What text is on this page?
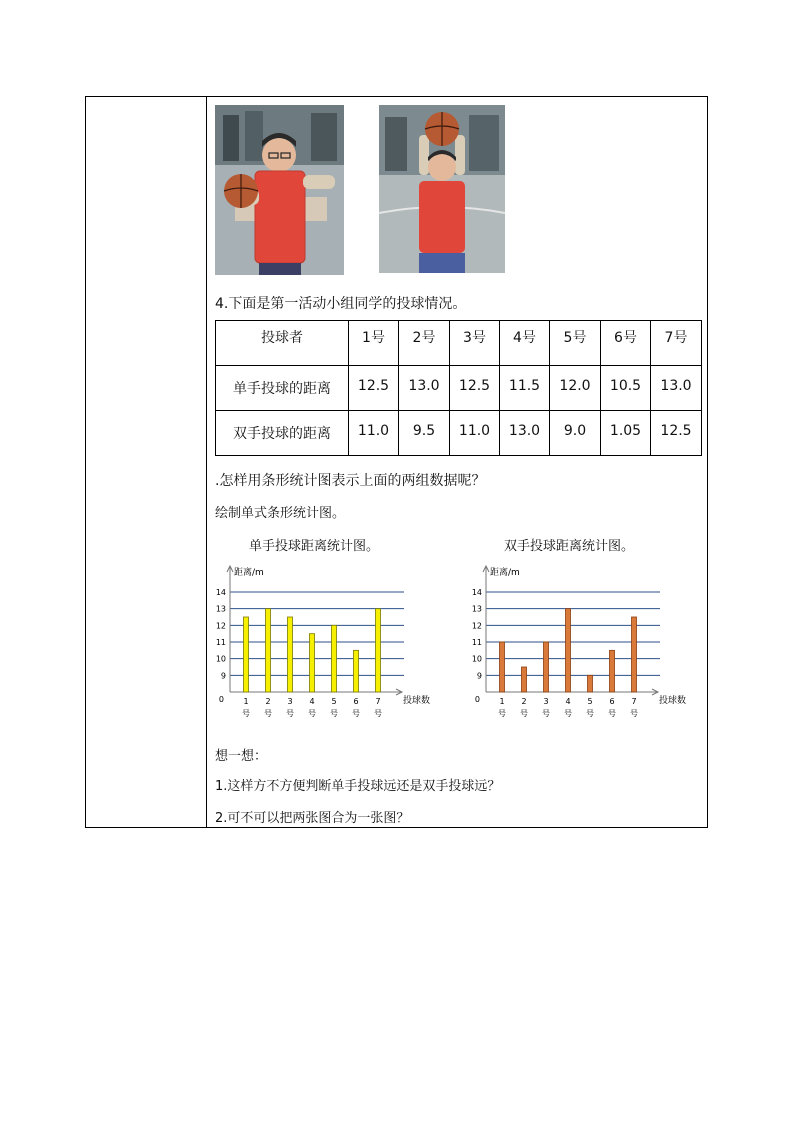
4.下面是第一活动小组同学的投球情况。
投球者	1号	2号	3号	4号	5号	6号	7号

单手投球的距离	12.5	13.0	12.5	11.5	12.0	10.5	13.0

双手投球的距离	11.0	9.5	11.0	13.0	9.0	1.05	12.5
.怎样用条形统计图表示上面的两组数据呢？
绘制单式条形统计图。
单手投球距离统计图。	双手投球距离统计图。
9
10
11
12
13
14
距离/m
投球数
0 1
号
2
号
3
号
4
号
5
号
6
号
7
号
9
10
11
12
13
14
距离/m
投球数
0 1
号
2
号
3
号
4
号
5
号
6
号
7
号
想一想：
1.这样方不方便判断单手投球远还是双手投球远？
2.可不可以把两张图合为一张图？
